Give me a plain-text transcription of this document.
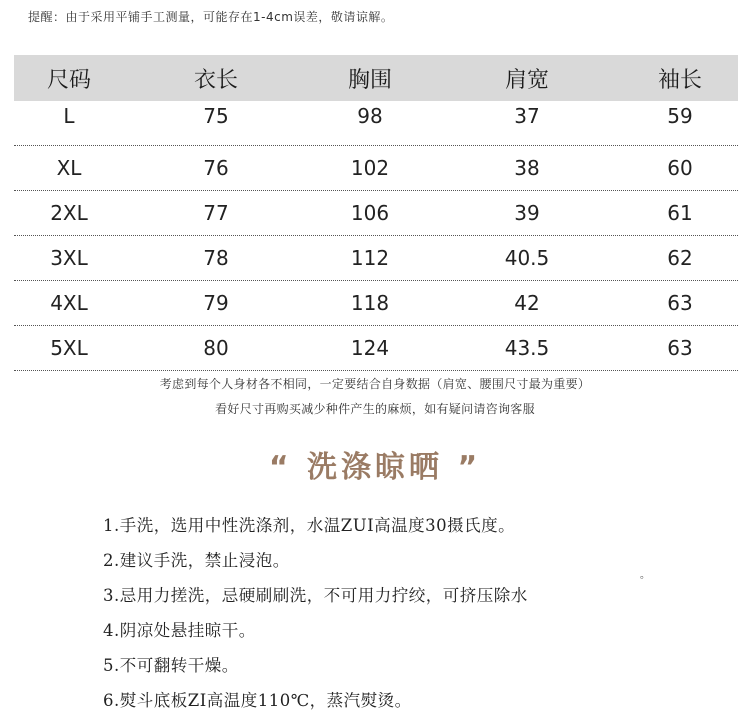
提醒：由于采用平铺手工测量，可能存在1-4cm误差，敬请谅解。
尺码	衣长	胸围	肩宽	袖长
L	75	98	37	59
XL	76	102	38	60
2XL	77	106	39	61
3XL	78	112	40.5	62
4XL	79	118	42	63
5XL	80	124	43.5	63
考虑到每个人身材各不相同，一定要结合自身数据（肩宽、腰围尺寸最为重要）
看好尺寸再购买减少种件产生的麻烦，如有疑问请咨询客服
“ 洗涤晾晒 ”
1.手洗，选用中性洗涤剂，水温ZUI高温度30摄氏度。
2.建议手洗，禁止浸泡。
3.忌用力搓洗，忌硬刷刷洗，不可用力拧绞，可挤压除水
4.阴凉处悬挂晾干。
5.不可翻转干燥。
6.熨斗底板ZI高温度110℃，蒸汽熨烫。
。
